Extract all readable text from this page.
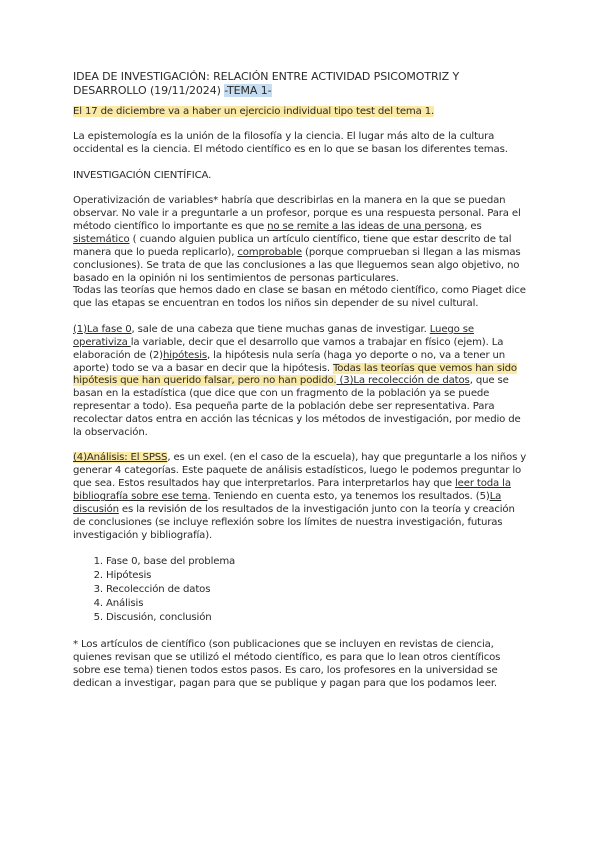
IDEA DE INVESTIGACIÓN: RELACIÓN ENTRE ACTIVIDAD PSICOMOTRIZ Y DESARROLLO (19/11/2024) -TEMA 1-

El 17 de diciembre va a haber un ejercicio individual tipo test del tema 1.

La epistemología es la unión de la filosofía y la ciencia. El lugar más alto de la cultura occidental es la ciencia. El método científico es en lo que se basan los diferentes temas.

INVESTIGACIÓN CIENTÍFICA.

Operativización de variables* habría que describirlas en la manera en la que se puedan observar. No vale ir a preguntarle a un profesor, porque es una respuesta personal. Para el método científico lo importante es que no se remite a las ideas de una persona, es sistemático ( cuando alguien publica un artículo científico, tiene que estar descrito de tal manera que lo pueda replicarlo), comprobable (porque comprueban si llegan a las mismas conclusiones). Se trata de que las conclusiones a las que lleguemos sean algo objetivo, no basado en la opinión ni los sentimientos de personas particulares.

Todas las teorías que hemos dado en clase se basan en método científico, como Piaget dice que las etapas se encuentran en todos los niños sin depender de su nivel cultural.

(1)La fase 0, sale de una cabeza que tiene muchas ganas de investigar. Luego se operativiza la variable, decir que el desarrollo que vamos a trabajar en físico (ejem). La elaboración de (2)hipótesis, la hipótesis nula sería (haga yo deporte o no, va a tener un aporte) todo se va a basar en decir que la hipótesis. Todas las teorías que vemos han sido hipótesis que han querido falsar, pero no han podido. (3)La recolección de datos, que se basan en la estadística (que dice que con un fragmento de la población ya se puede representar a todo). Esa pequeña parte de la población debe ser representativa. Para recolectar datos entra en acción las técnicas y los métodos de investigación, por medio de la observación.

(4)Análisis: El SPSS, es un exel. (en el caso de la escuela), hay que preguntarle a los niños y generar 4 categorías. Este paquete de análisis estadísticos, luego le podemos preguntar lo que sea. Estos resultados hay que interpretarlos. Para interpretarlos hay que leer toda la bibliografía sobre ese tema. Teniendo en cuenta esto, ya tenemos los resultados. (5)La discusión es la revisión de los resultados de la investigación junto con la teoría y creación de conclusiones (se incluye reflexión sobre los límites de nuestra investigación, futuras investigación y bibliografía).

1. Fase 0, base del problema
2. Hipótesis
3. Recolección de datos
4. Análisis
5. Discusión, conclusión

* Los artículos de científico (son publicaciones que se incluyen en revistas de ciencia, quienes revisan que se utilizó el método científico, es para que lo lean otros científicos sobre ese tema) tienen todos estos pasos. Es caro, los profesores en la universidad se dedican a investigar, pagan para que se publique y pagan para que los podamos leer.
